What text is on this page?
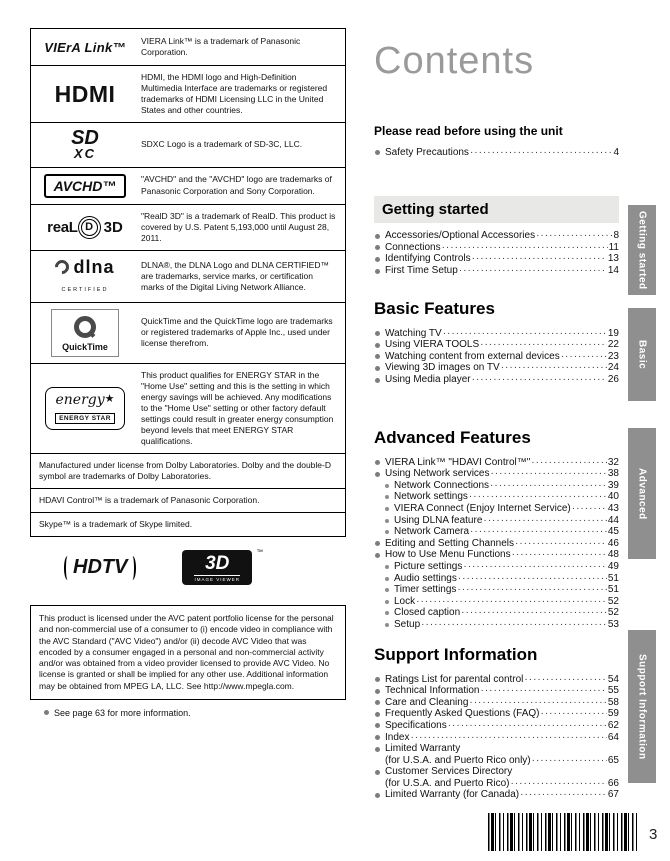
VIErA Link™ VIERA Link™ is a trademark of Panasonic Corporation.
HDMI
HDMI, the HDMI logo and High-Definition Multimedia Interface are trademarks or registered trademarks of HDMI Licensing LLC in the United States and other countries.
SD
XC
SDXC Logo is a trademark of SD-3C, LLC.
AVCHD™	"AVCHD" and the "AVCHD" logo are trademarks of Panasonic Corporation and Sony Corporation.
reaL D 3D
"RealD 3D" is a trademark of RealD. This product is covered by U.S. Patent 5,193,000 until August 28, 2011.
dlna
CERTIFIED
DLNA®, the DLNA Logo and DLNA CERTIFIED™ are trademarks, service marks, or certification marks of the Digital Living Network Alliance.
QuickTime
QuickTime and the QuickTime logo are trademarks or registered trademarks of Apple Inc., used under license therefrom.
energy★
ENERGY STAR
This product qualifies for ENERGY STAR in the "Home Use" setting and this is the setting in which energy savings will be achieved. Any modifications to the "Home Use" setting or other factory default settings could result in greater energy consumption beyond levels that meet ENERGY STAR qualifications.
Manufactured under license from Dolby Laboratories. Dolby and the double-D symbol are trademarks of Dolby Laboratories.
HDAVI Control™ is a trademark of Panasonic Corporation.
Skype™ is a trademark of Skype limited.
HDTV	3D
IMAGE VIEWER
™
This product is licensed under the AVC patent portfolio license for the personal and non-commercial use of a consumer to (i) encode video in compliance with the AVC Standard ("AVC Video") and/or (ii) decode AVC Video that was encoded by a consumer engaged in a personal and non-commercial activity and/or was obtained from a video provider licensed to provide AVC Video. No license is granted or shall be implied for any other use. Additional information may be obtained from MPEG LA, LLC. See http://www.mpegla.com.
See page 63 for more information.
Contents
Please read before using the unit
Safety Precautions ·····	4
Getting started
Accessories/Optional Accessories ·····	8
Connections ·····	11
Identifying Controls ·····	13
First Time Setup ·····	14
Basic Features
Watching TV ·····	19
Using VIERA TOOLS ·····	22
Watching content from external devices ·····	23
Viewing 3D images on TV ·····	24
Using Media player ·····	26
Advanced Features
VIERA Link™ "HDAVI Control™" ·····	32
Using Network services ·····	38
Network Connections ·····	39
Network settings ·····	40
VIERA Connect (Enjoy Internet Service) ·····	43
Using DLNA feature ·····	44
Network Camera ·····	45
Editing and Setting Channels ·····	46
How to Use Menu Functions ·····	48
Picture settings ·····	49
Audio settings ·····	51
Timer settings ·····	51
Lock ·····	52
Closed caption ·····	52
Setup ·····	53
Support Information
Ratings List for parental control ·····	54
Technical Information ·····	55
Care and Cleaning ·····	58
Frequently Asked Questions (FAQ) ·····	59
Specifications ·····	62
Index ·····	64
Limited Warranty
(for U.S.A. and Puerto Rico only) ·····	65
Customer Services Directory
(for U.S.A. and Puerto Rico) ·····	66
Limited Warranty (for Canada) ·····	67
Getting started
Basic
Advanced
Support Information
3
